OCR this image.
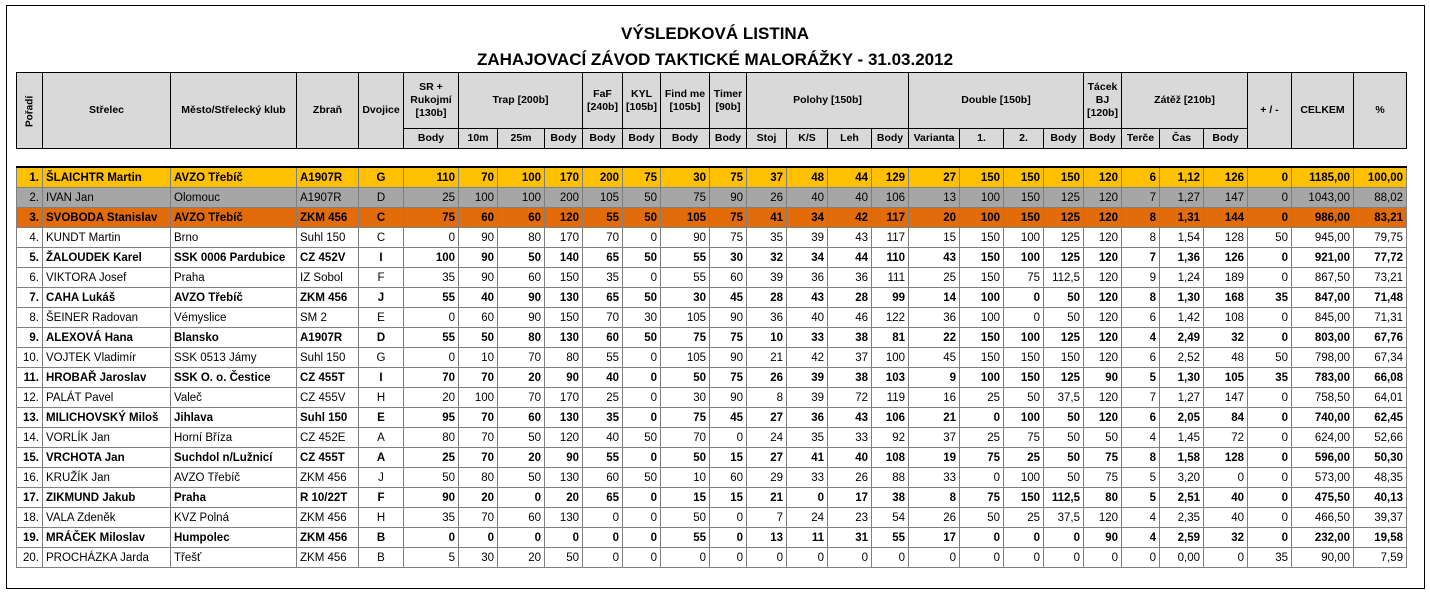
VÝSLEDKOVÁ LISTINA
ZAHAJOVACÍ ZÁVOD TAKTICKÉ MALORÁŽKY - 31.03.2012
Pořadí	Střelec	Město/Střelecký klub	Zbraň	Dvojice	SR + Rukojmí [130b]	Trap [200b]			FaF [240b]	KYL [105b]	Find me [105b]	Timer [90b]	Polohy [150b]				Double [150b]				Tácek BJ [120b]	Zátěž [210b]			+ / -	CELKEM	%
					Body	10m	25m	Body	Body	Body	Body	Body	Stoj	K/S	Leh	Body	Varianta	1.	2.	Body	Body	Terče	Čas	Body			

1.	ŠLAICHTR Martin	AVZO Třebíč	A1907R	G	110	70	100	170	200	75	30	75	37	48	44	129	27	150	150	150	120	6	1,12	126	0	1185,00	100,00
2.	IVAN Jan	Olomouc	A1907R	D	25	100	100	200	105	50	75	90	26	40	40	106	13	100	150	125	120	7	1,27	147	0	1043,00	88,02
3.	SVOBODA Stanislav	AVZO Třebíč	ZKM 456	C	75	60	60	120	55	50	105	75	41	34	42	117	20	100	150	125	120	8	1,31	144	0	986,00	83,21
4.	KUNDT Martin	Brno	Suhl 150	C	0	90	80	170	70	0	90	75	35	39	43	117	15	150	100	125	120	8	1,54	128	50	945,00	79,75
5.	ŽALOUDEK Karel	SSK 0006 Pardubice	CZ 452V	I	100	90	50	140	65	50	55	30	32	34	44	110	43	150	100	125	120	7	1,36	126	0	921,00	77,72
6.	VIKTORA Josef	Praha	IZ Sobol	F	35	90	60	150	35	0	55	60	39	36	36	111	25	150	75	112,5	120	9	1,24	189	0	867,50	73,21
7.	CAHA Lukáš	AVZO Třebíč	ZKM 456	J	55	40	90	130	65	50	30	45	28	43	28	99	14	100	0	50	120	8	1,30	168	35	847,00	71,48
8.	ŠEINER Radovan	Vémyslice	SM 2	E	0	60	90	150	70	30	105	90	36	40	46	122	36	100	0	50	120	6	1,42	108	0	845,00	71,31
9.	ALEXOVÁ Hana	Blansko	A1907R	D	55	50	80	130	60	50	75	75	10	33	38	81	22	150	100	125	120	4	2,49	32	0	803,00	67,76
10.	VOJTEK Vladimír	SSK 0513 Jámy	Suhl 150	G	0	10	70	80	55	0	105	90	21	42	37	100	45	150	150	150	120	6	2,52	48	50	798,00	67,34
11.	HROBAŘ Jaroslav	SSK O. o. Čestice	CZ 455T	I	70	70	20	90	40	0	50	75	26	39	38	103	9	100	150	125	90	5	1,30	105	35	783,00	66,08
12.	PALÁT Pavel	Valeč	CZ 455V	H	20	100	70	170	25	0	30	90	8	39	72	119	16	25	50	37,5	120	7	1,27	147	0	758,50	64,01
13.	MILICHOVSKÝ Miloš	Jihlava	Suhl 150	E	95	70	60	130	35	0	75	45	27	36	43	106	21	0	100	50	120	6	2,05	84	0	740,00	62,45
14.	VORLÍK Jan	Horní Bříza	CZ 452E	A	80	70	50	120	40	50	70	0	24	35	33	92	37	25	75	50	50	4	1,45	72	0	624,00	52,66
15.	VRCHOTA Jan	Suchdol n/Lužnicí	CZ 455T	A	25	70	20	90	55	0	50	15	27	41	40	108	19	75	25	50	75	8	1,58	128	0	596,00	50,30
16.	KRUŽÍK Jan	AVZO Třebíč	ZKM 456	J	50	80	50	130	60	50	10	60	29	33	26	88	33	0	100	50	75	5	3,20	0	0	573,00	48,35
17.	ZIKMUND Jakub	Praha	R 10/22T	F	90	20	0	20	65	0	15	15	21	0	17	38	8	75	150	112,5	80	5	2,51	40	0	475,50	40,13
18.	VALA Zdeněk	KVZ Polná	ZKM 456	H	35	70	60	130	0	0	50	0	7	24	23	54	26	50	25	37,5	120	4	2,35	40	0	466,50	39,37
19.	MRÁČEK Miloslav	Humpolec	ZKM 456	B	0	0	0	0	0	0	55	0	13	11	31	55	17	0	0	0	90	4	2,59	32	0	232,00	19,58
20.	PROCHÁZKA Jarda	Třešť	ZKM 456	B	5	30	20	50	0	0	0	0	0	0	0	0	0	0	0	0	0	0	0,00	0	35	90,00	7,59
